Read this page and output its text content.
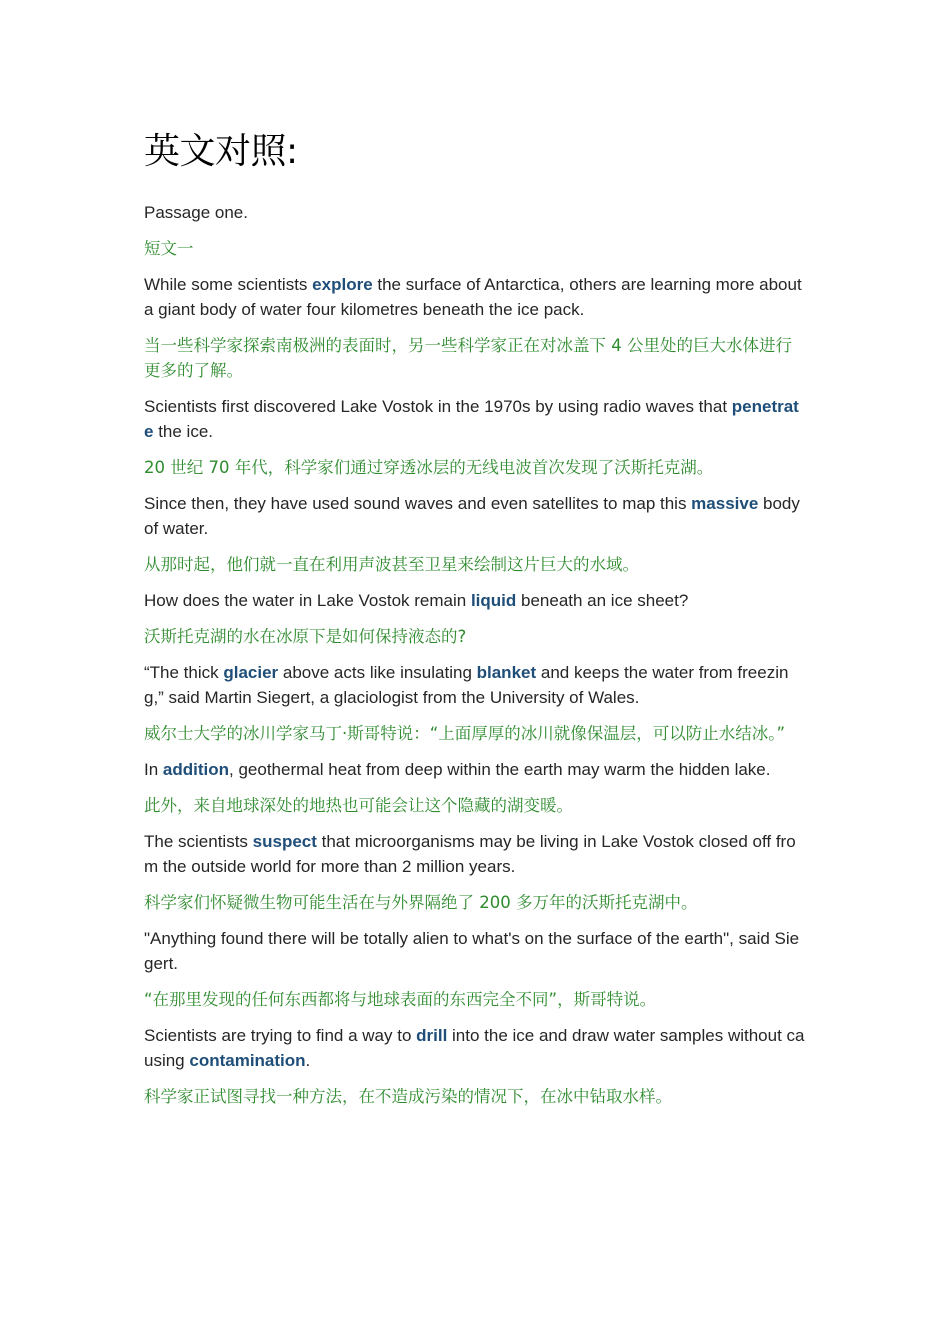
英文对照:

Passage one.

短文一

While some scientists explore the surface of Antarctica, others are learning more about a giant body of water four kilometres beneath the ice pack.

当一些科学家探索南极洲的表面时，另一些科学家正在对冰盖下 4 公里处的巨大水体进行更多的了解。

Scientists first discovered Lake Vostok in the 1970s by using radio waves that penetrate the ice.

20 世纪 70 年代，科学家们通过穿透冰层的无线电波首次发现了沃斯托克湖。

Since then, they have used sound waves and even satellites to map this massive body of water.

从那时起，他们就一直在利用声波甚至卫星来绘制这片巨大的水域。

How does the water in Lake Vostok remain liquid beneath an ice sheet?

沃斯托克湖的水在冰原下是如何保持液态的?

“The thick glacier above acts like insulating blanket and keeps the water from freezing,” said Martin Siegert, a glaciologist from the University of Wales.

威尔士大学的冰川学家马丁·斯哥特说：“上面厚厚的冰川就像保温层，可以防止水结冰。”

In addition, geothermal heat from deep within the earth may warm the hidden lake.

此外，来自地球深处的地热也可能会让这个隐藏的湖变暖。

The scientists suspect that microorganisms may be living in Lake Vostok closed off from the outside world for more than 2 million years.

科学家们怀疑微生物可能生活在与外界隔绝了 200 多万年的沃斯托克湖中。

"Anything found there will be totally alien to what's on the surface of the earth", said Siegert.

“在那里发现的任何东西都将与地球表面的东西完全不同”，斯哥特说。

Scientists are trying to find a way to drill into the ice and draw water samples without causing contamination.

科学家正试图寻找一种方法，在不造成污染的情况下，在冰中钻取水样。
